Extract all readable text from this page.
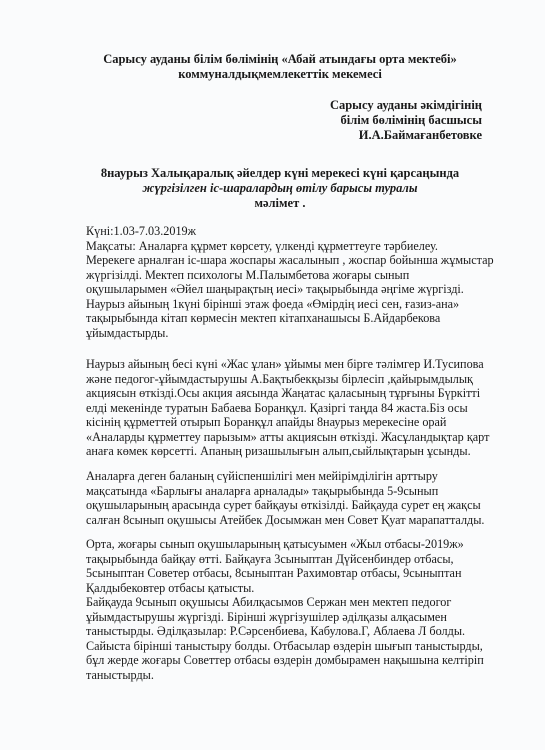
Сарысу ауданы білім бөлімінің «Абай атындағы орта мектебі»
коммуналдықмемлекеттік мекемесі
Сарысу ауданы әкімдігінің
білім бөлімінің басшысы
И.А.Баймағанбетовке
8наурыз Халықаралық әйелдер күні мерекесі күні қарсаңында
жүргізілген іс-шаралардың өтілу барысы туралы
мәлімет .
Күні:1.03-7.03.2019ж
Мақсаты: Аналарға құрмет көрсету, үлкенді құрметтеуге тәрбиелеу.
Мерекеге арналған іс-шара жоспары жасалынып , жоспар бойынша жұмыстар
жүргізілді. Мектеп психологы М.Палымбетова жоғары сынып
оқушыларымен «Әйел шаңырақтың иесі» тақырыбында әңгіме жүргізді.
Наурыз айының 1күні бірінші этаж фоеда «Өмірдің иесі сен, ғазиз-ана»
тақырыбында кітап көрмесін мектеп кітапханашысы Б.Айдарбекова
ұйымдастырды.
Наурыз айының бесі күні «Жас ұлан» ұйымы мен бірге тәлімгер И.Тусипова
және педогог-ұйымдастырушы А.Бақтыбекқызы бірлесіп ,қайырымдылық
акциясын өткізді.Осы акция аясында Жаңатас қаласының тұрғыны Бүркітті
елді мекенінде туратын Бабаева Боранқұл. Қазіргі таңда 84 жаста.Біз осы
кісінің құрметтей отырып Боранқұл апайды 8наурыз мерекесіне орай
«Аналарды құрметтеу парызым» атты акциясын өткізді. Жасұландықтар қарт
анаға көмек көрсетті. Апаның ризашылығын алып,сыйлықтарын ұсынды.
Аналарға деген баланың сүйіспеншілігі мен мейірімділігін арттыру
мақсатында «Барлығы аналарға арналады» тақырыбында 5-9сынып
оқушыларының арасында сурет байқауы өткізілді. Байқауда сурет ең жақсы
салған 8сынып оқушысы Атейбек Досымжан мен Совет Қуат марапатталды.
Орта, жоғары сынып оқушыларының қатысуымен «Жыл отбасы-2019ж»
тақырыбында байқау өтті. Байқауға 3сыныптан Дүйсенбиндер отбасы,
5сыныптан Советер отбасы, 8сыныптан Рахимовтар отбасы, 9сыныптан
Қалдыбековтер отбасы қатысты.
Байқауда 9сынып оқушысы Абилқасымов Сержан мен мектеп педогог
ұйымдастырушы жүргізді. Бірінші жүргізушілер әділқазы алқасымен
таныстырды. Әділқазылар: Р.Сәрсенбиева, Кабулова.Г, Аблаева Л болды.
Сайыста бірінші таныстыру болды. Отбасылар өздерін шығып таныстырды,
бұл жерде жоғары Советтер отбасы өздерін домбырамен нақышына келтіріп
таныстырды.
